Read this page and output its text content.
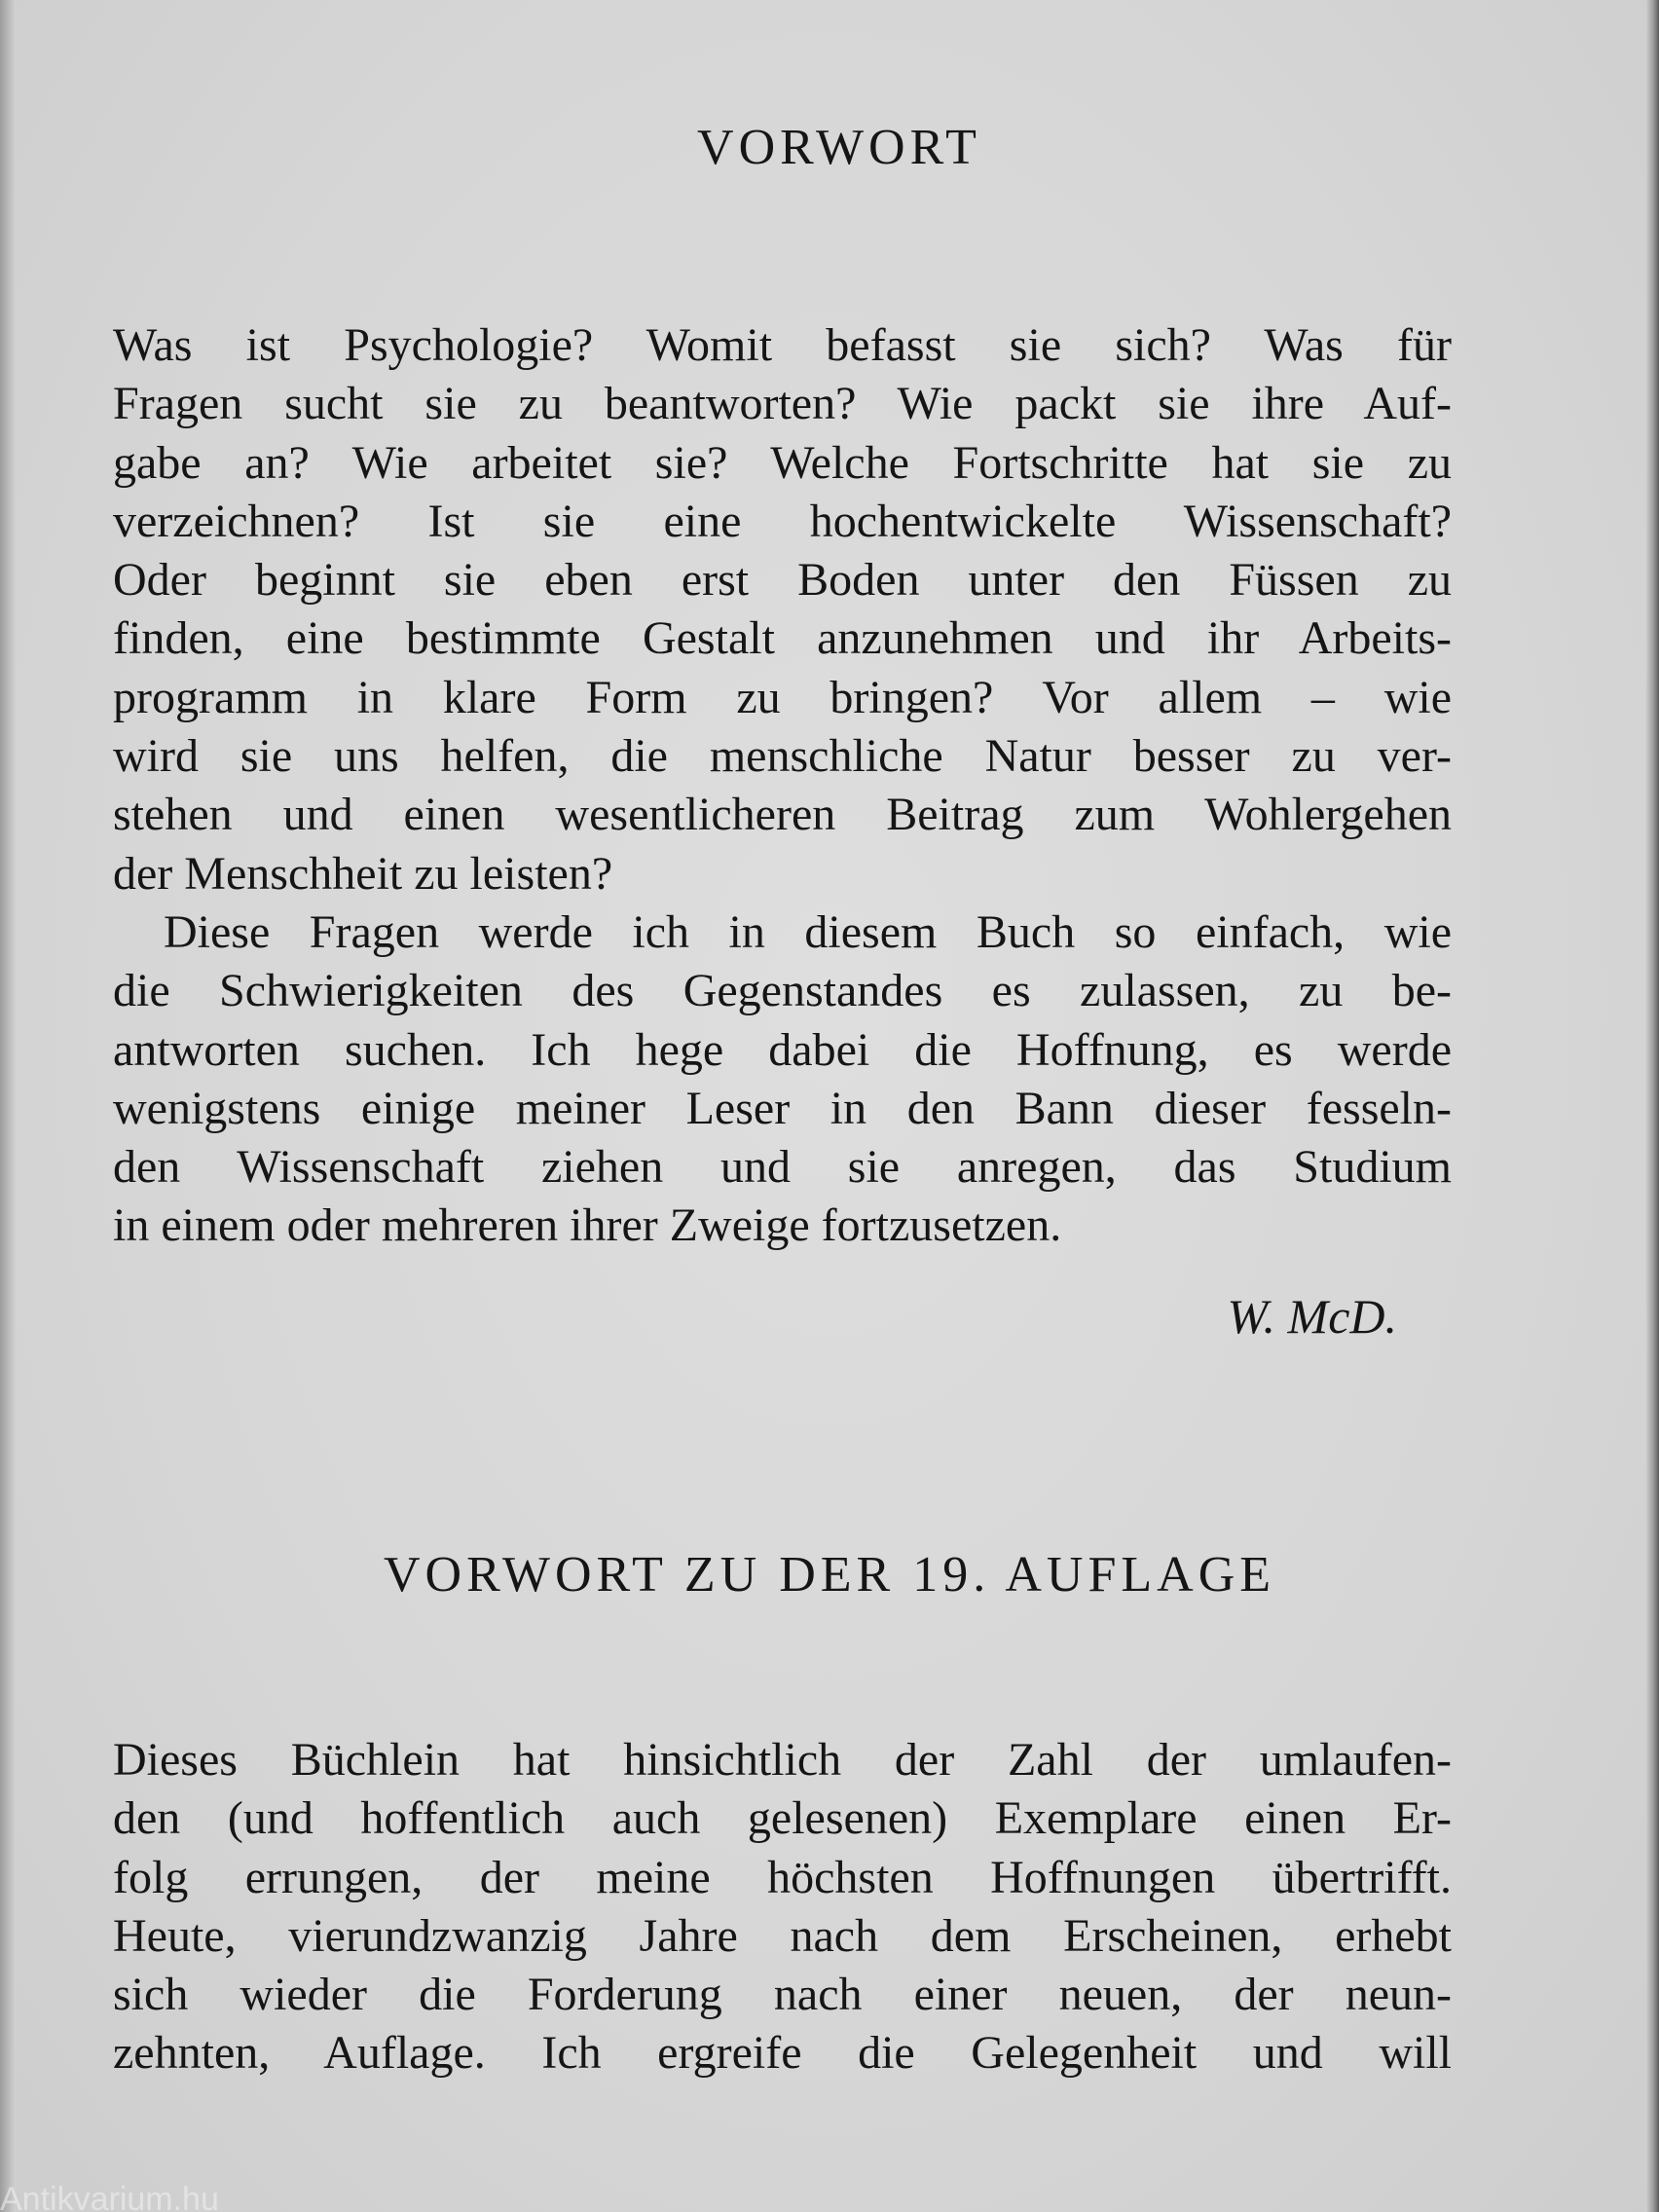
VORWORT
Was ist Psychologie? Womit befasst sie sich? Was für
Fragen sucht sie zu beantworten? Wie packt sie ihre Auf-
gabe an? Wie arbeitet sie? Welche Fortschritte hat sie zu
verzeichnen? Ist sie eine hochentwickelte Wissenschaft?
Oder beginnt sie eben erst Boden unter den Füssen zu
finden, eine bestimmte Gestalt anzunehmen und ihr Arbeits-
programm in klare Form zu bringen? Vor allem – wie
wird sie uns helfen, die menschliche Natur besser zu ver-
stehen und einen wesentlicheren Beitrag zum Wohlergehen
der Menschheit zu leisten?
Diese Fragen werde ich in diesem Buch so einfach, wie
die Schwierigkeiten des Gegenstandes es zulassen, zu be-
antworten suchen. Ich hege dabei die Hoffnung, es werde
wenigstens einige meiner Leser in den Bann dieser fesseln-
den Wissenschaft ziehen und sie anregen, das Studium
in einem oder mehreren ihrer Zweige fortzusetzen.
W. McD.
VORWORT ZU DER 19. AUFLAGE
Dieses Büchlein hat hinsichtlich der Zahl der umlaufen-
den (und hoffentlich auch gelesenen) Exemplare einen Er-
folg errungen, der meine höchsten Hoffnungen übertrifft.
Heute, vierundzwanzig Jahre nach dem Erscheinen, erhebt
sich wieder die Forderung nach einer neuen, der neun-
zehnten, Auflage. Ich ergreife die Gelegenheit und will
Antikvarium.hu
